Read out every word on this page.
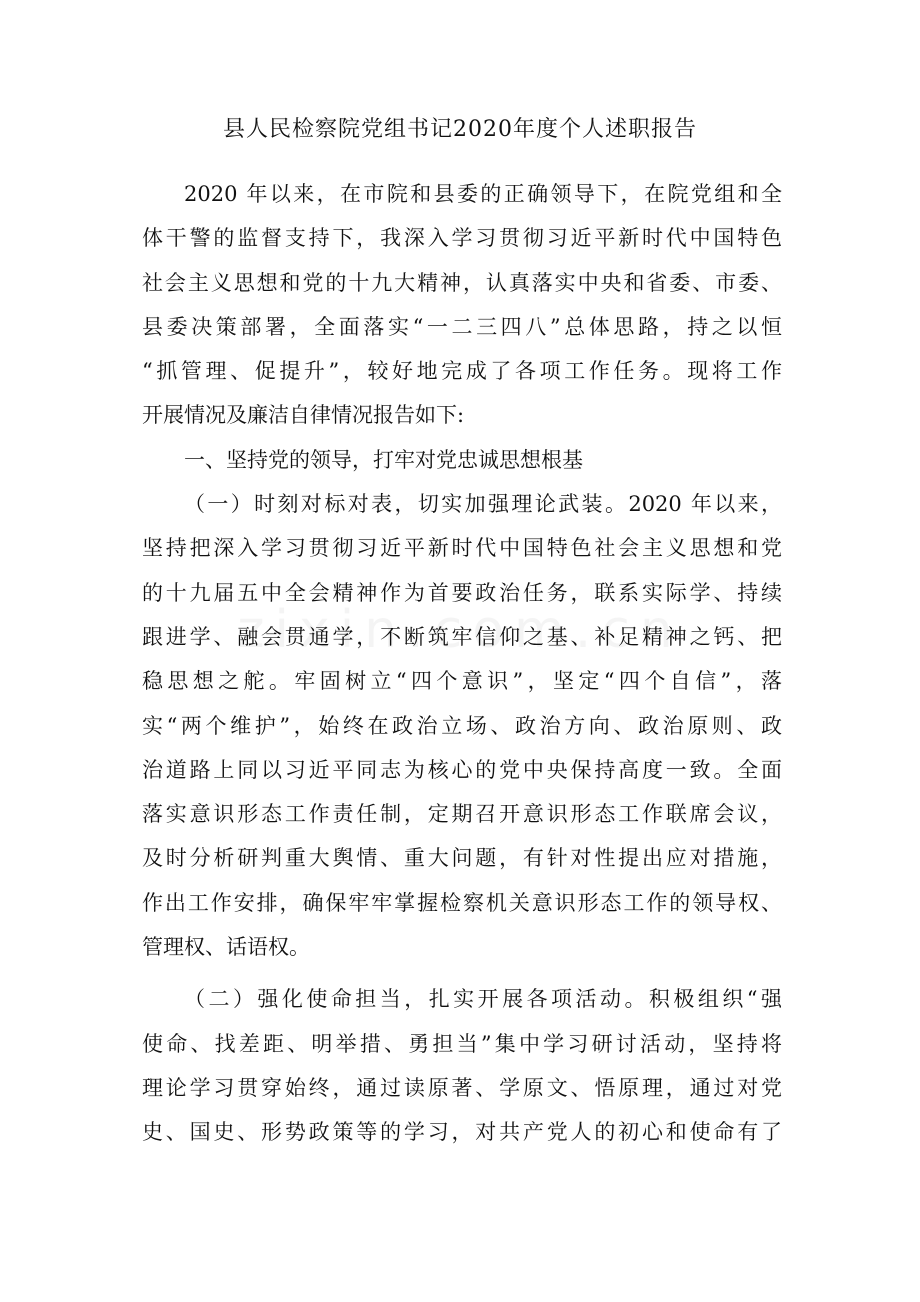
县人民检察院党组书记2020年度个人述职报告

2020 年以来，在市院和县委的正确领导下，在院党组和全
体干警的监督支持下，我深入学习贯彻习近平新时代中国特色
社会主义思想和党的十九大精神，认真落实中央和省委、市委、
县委决策部署，全面落实“一二三四八”总体思路，持之以恒
“抓管理、促提升”，较好地完成了各项工作任务。现将工作
开展情况及廉洁自律情况报告如下:

一、坚持党的领导，打牢对党忠诚思想根基

（一）时刻对标对表，切实加强理论武装。2020 年以来，
坚持把深入学习贯彻习近平新时代中国特色社会主义思想和党
的十九届五中全会精神作为首要政治任务，联系实际学、持续
跟进学、融会贯通学，不断筑牢信仰之基、补足精神之钙、把
稳思想之舵。牢固树立“四个意识”，坚定“四个自信”，落
实“两个维护”，始终在政治立场、政治方向、政治原则、政
治道路上同以习近平同志为核心的党中央保持高度一致。全面
落实意识形态工作责任制，定期召开意识形态工作联席会议，
及时分析研判重大舆情、重大问题，有针对性提出应对措施，
作出工作安排，确保牢牢掌握检察机关意识形态工作的领导权、
管理权、话语权。

（二）强化使命担当，扎实开展各项活动。积极组织“强
使命、找差距、明举措、勇担当”集中学习研讨活动，坚持将
理论学习贯穿始终，通过读原著、学原文、悟原理，通过对党
史、国史、形势政策等的学习，对共产党人的初心和使命有了
